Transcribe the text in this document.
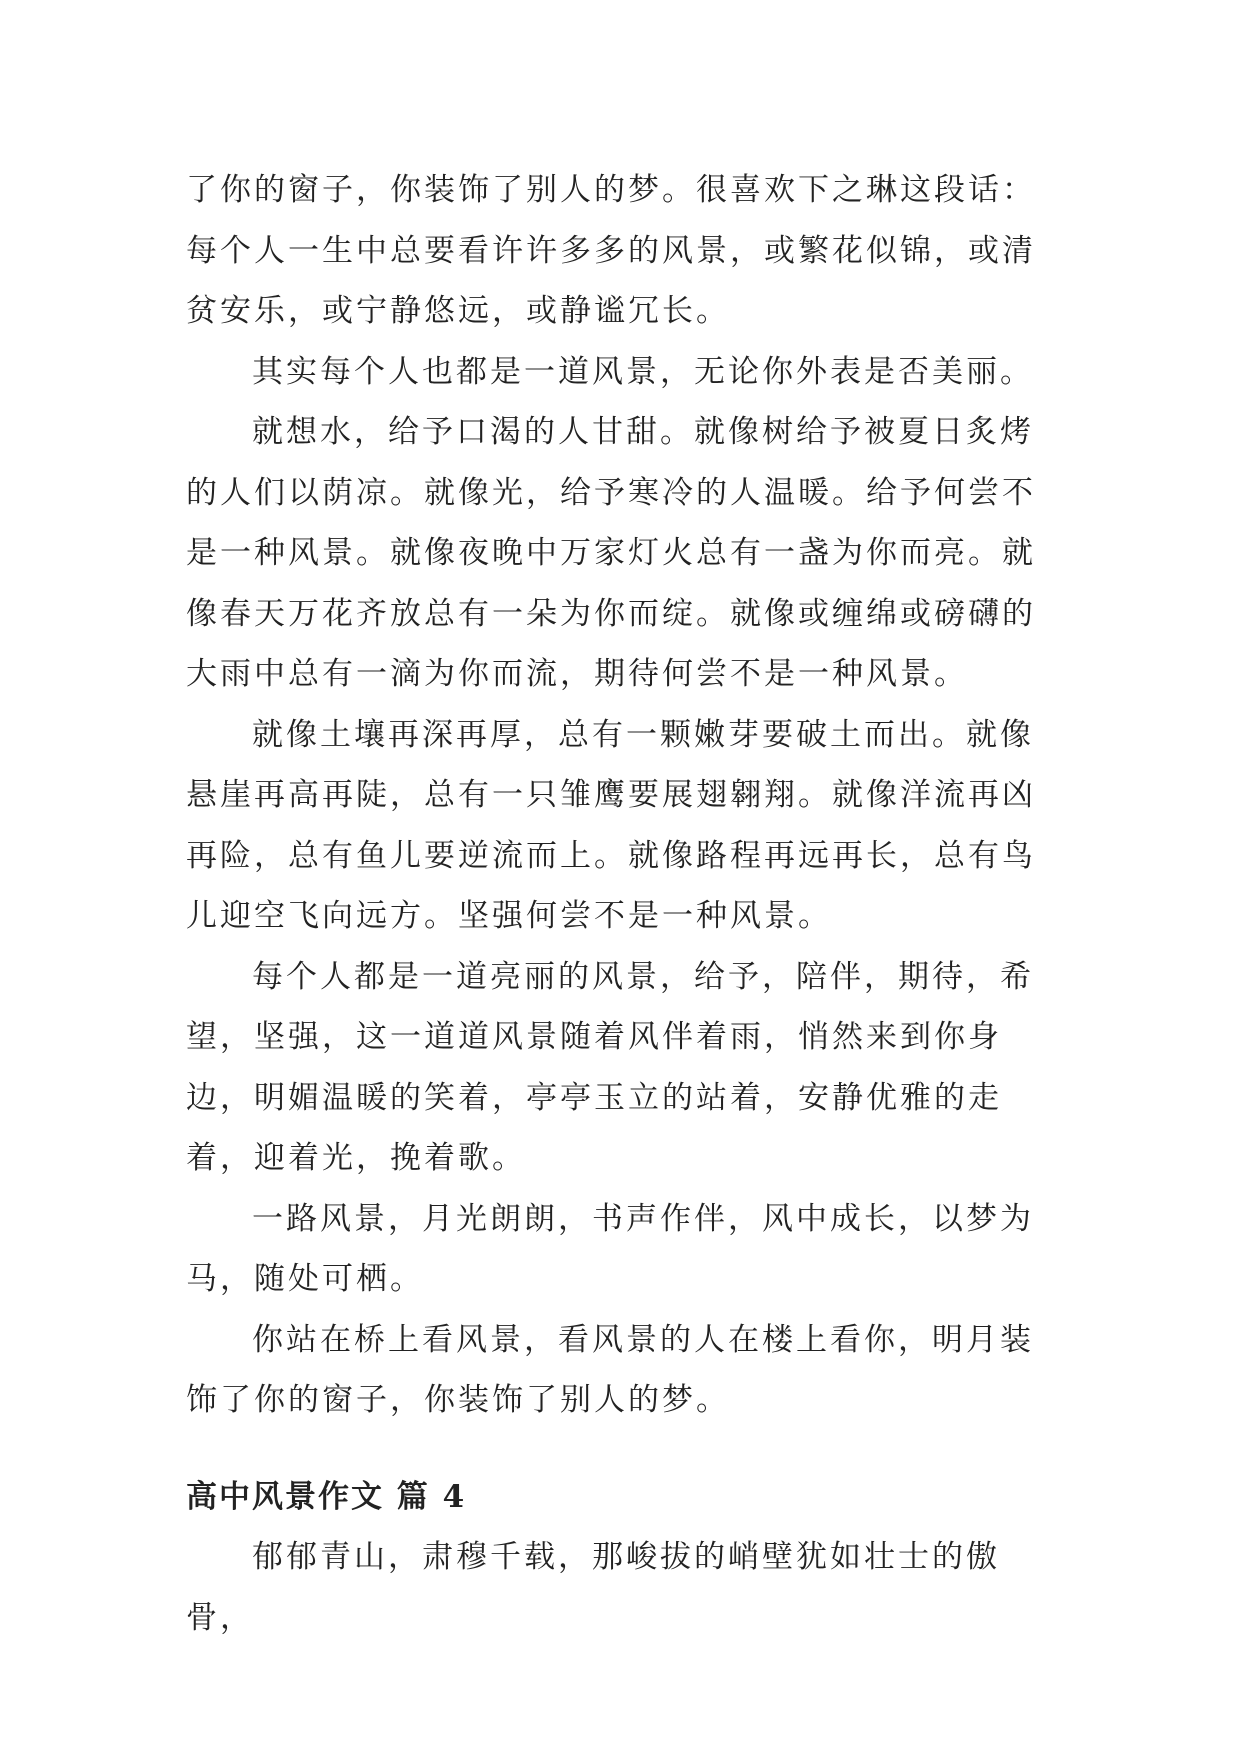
了你的窗子，你装饰了别人的梦。很喜欢下之琳这段话：每个人一生中总要看许许多多的风景，或繁花似锦，或清贫安乐，或宁静悠远，或静谧冗长。

其实每个人也都是一道风景，无论你外表是否美丽。

就想水，给予口渴的人甘甜。就像树给予被夏日炙烤的人们以荫凉。就像光，给予寒冷的人温暖。给予何尝不是一种风景。就像夜晚中万家灯火总有一盏为你而亮。就像春天万花齐放总有一朵为你而绽。就像或缠绵或磅礴的大雨中总有一滴为你而流，期待何尝不是一种风景。

就像土壤再深再厚，总有一颗嫩芽要破土而出。就像悬崖再高再陡，总有一只雏鹰要展翅翱翔。就像洋流再凶再险，总有鱼儿要逆流而上。就像路程再远再长，总有鸟儿迎空飞向远方。坚强何尝不是一种风景。

每个人都是一道亮丽的风景，给予，陪伴，期待，希望，坚强，这一道道风景随着风伴着雨，悄然来到你身边，明媚温暖的笑着，亭亭玉立的站着，安静优雅的走着，迎着光，挽着歌。

一路风景，月光朗朗，书声作伴，风中成长，以梦为马，随处可栖。

你站在桥上看风景，看风景的人在楼上看你，明月装饰了你的窗子，你装饰了别人的梦。

高中风景作文 篇 4

郁郁青山，肃穆千载，那峻拔的峭壁犹如壮士的傲骨，
